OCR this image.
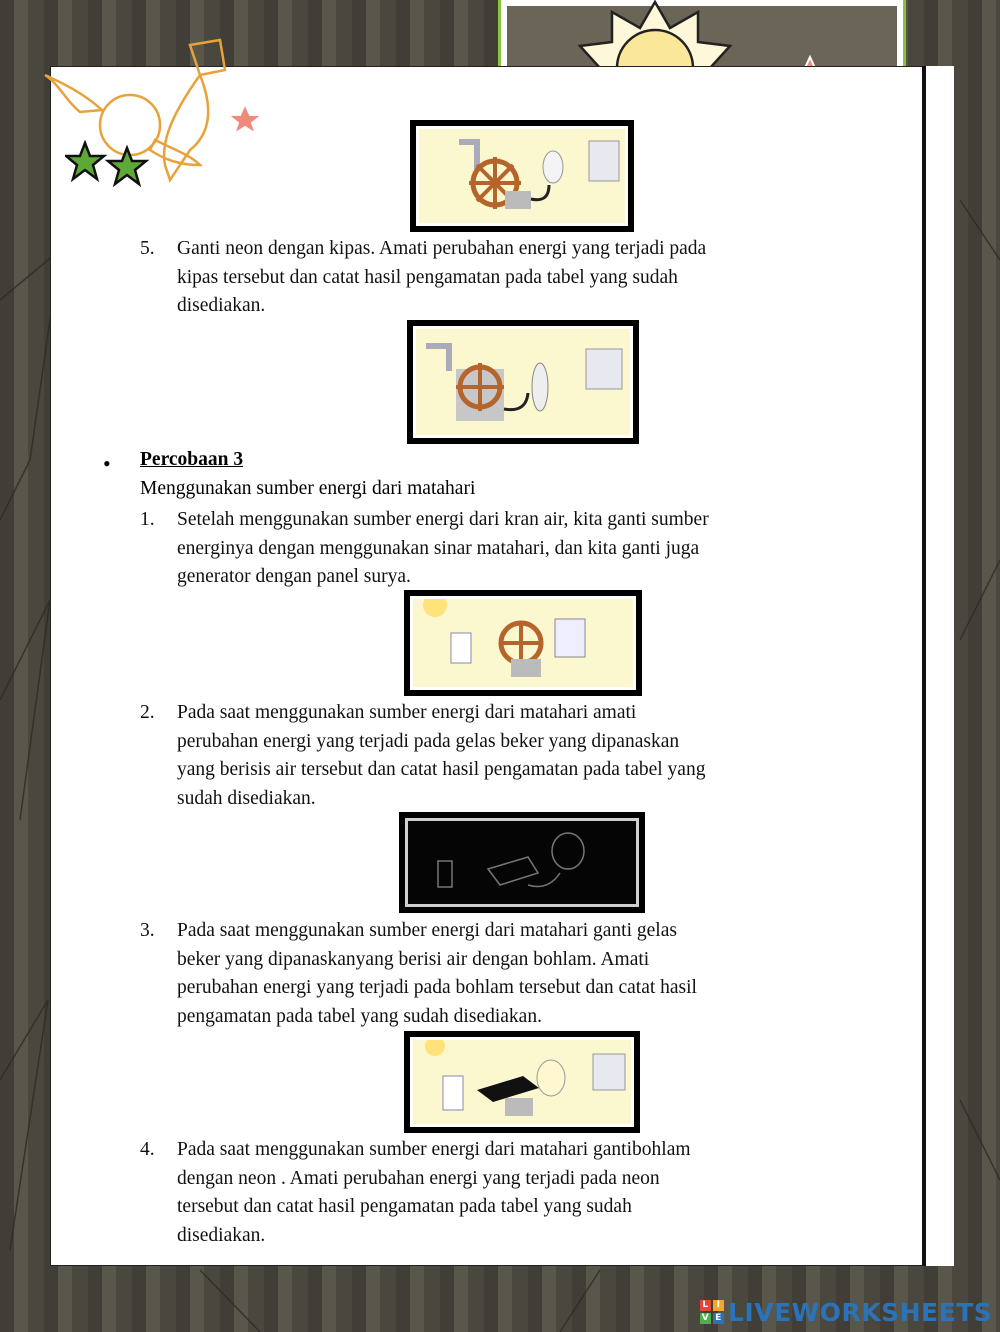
5. Ganti neon dengan kipas. Amati perubahan energi yang terjadi pada
kipas tersebut dan catat hasil pengamatan pada tabel yang sudah
disediakan.
• Percobaan 3
Menggunakan sumber energi dari matahari
1. Setelah menggunakan sumber energi dari kran air, kita ganti sumber
energinya dengan menggunakan sinar matahari, dan kita ganti juga
generator dengan panel surya.
2. Pada saat menggunakan sumber energi dari matahari amati
perubahan energi yang terjadi pada gelas beker yang dipanaskan
yang berisis air tersebut dan catat hasil pengamatan pada tabel yang
sudah disediakan.
3. Pada saat menggunakan sumber energi dari matahari ganti gelas
beker yang dipanaskanyang berisi air dengan bohlam. Amati
perubahan energi yang terjadi pada bohlam tersebut dan catat hasil
pengamatan pada tabel yang sudah disediakan.
4. Pada saat menggunakan sumber energi dari matahari gantibohlam
dengan neon . Amati perubahan energi yang terjadi pada neon
tersebut dan catat hasil pengamatan pada tabel yang sudah
disediakan.
L I
V E LIVEWORKSHEETS
